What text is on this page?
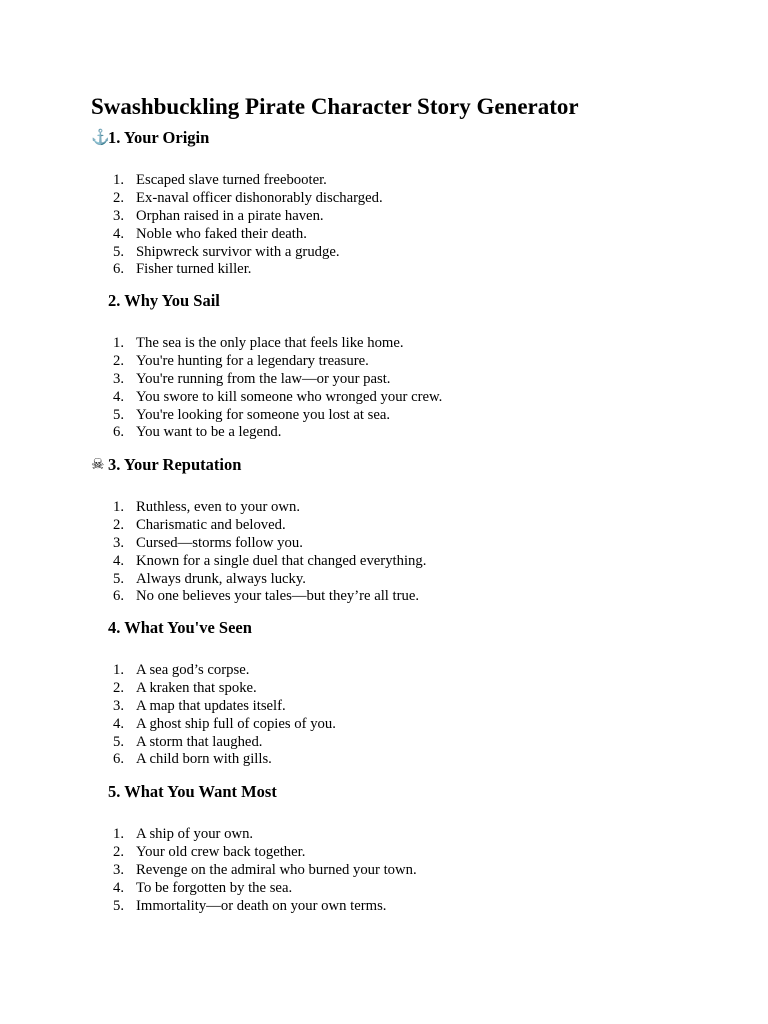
Swashbuckling Pirate Character Story Generator
⚓
1. Your Origin
1. Escaped slave turned freebooter.
2. Ex-naval officer dishonorably discharged.
3. Orphan raised in a pirate haven.
4. Noble who faked their death.
5. Shipwreck survivor with a grudge.
6. Fisher turned killer.
2. Why You Sail
1. The sea is the only place that feels like home.
2. You're hunting for a legendary treasure.
3. You're running from the law—or your past.
4. You swore to kill someone who wronged your crew.
5. You're looking for someone you lost at sea.
6. You want to be a legend.
☠ 3. Your Reputation
1. Ruthless, even to your own.
2. Charismatic and beloved.
3. Cursed—storms follow you.
4. Known for a single duel that changed everything.
5. Always drunk, always lucky.
6. No one believes your tales—but they’re all true.
4. What You've Seen
1. A sea god’s corpse.
2. A kraken that spoke.
3. A map that updates itself.
4. A ghost ship full of copies of you.
5. A storm that laughed.
6. A child born with gills.
5. What You Want Most
1. A ship of your own.
2. Your old crew back together.
3. Revenge on the admiral who burned your town.
4. To be forgotten by the sea.
5. Immortality—or death on your own terms.
